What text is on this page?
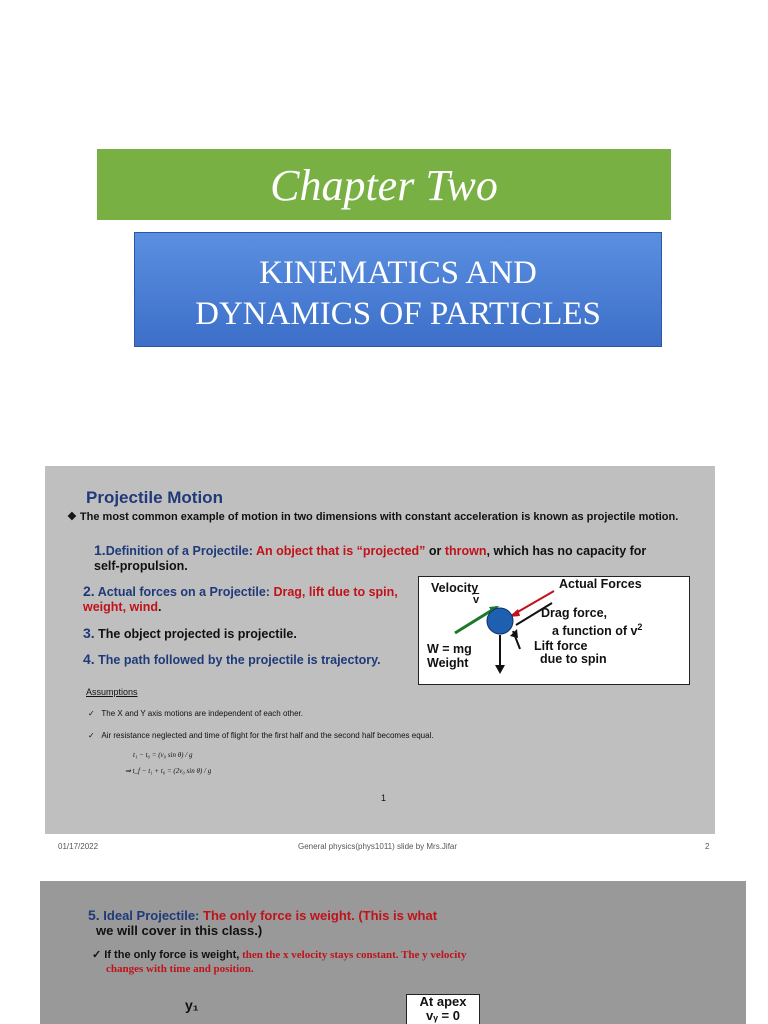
Chapter Two
KINEMATICS AND
DYNAMICS OF PARTICLES
Projectile Motion
❖ The most common example of motion in two dimensions with constant acceleration is known as projectile motion.
1.Definition of a Projectile: An object that is “projected” or thrown, which has no capacity for self-propulsion.
2. Actual forces on a Projectile: Drag, lift due to spin, weight, wind.
3. The object projected is projectile.
4. The path followed by the projectile is trajectory.
Velocity
$\overline{v}$
Actual Forces
Drag force,
a function of $v^2$
W = mg
Weight
Lift force
due to spin
Assumptions
✓   The X and Y axis motions are independent of each other.
✓   Air resistance neglected and time of flight for the first half and the second half becomes equal.
t₁ − t₀ = (v₀ sin θ) / g
⇒ t_f − t₁ + t₀ = (2v₀ sin θ) / g
1
01/17/2022	General physics(phys1011) slide by Mrs.Jifar	2
5. Ideal Projectile: The only force is weight. (This is what
we will cover in this class.)
✓ If the only force is weight, then the x velocity stays constant. The y velocity
changes with time and position.
y₁	At apex
vᵧ = 0
